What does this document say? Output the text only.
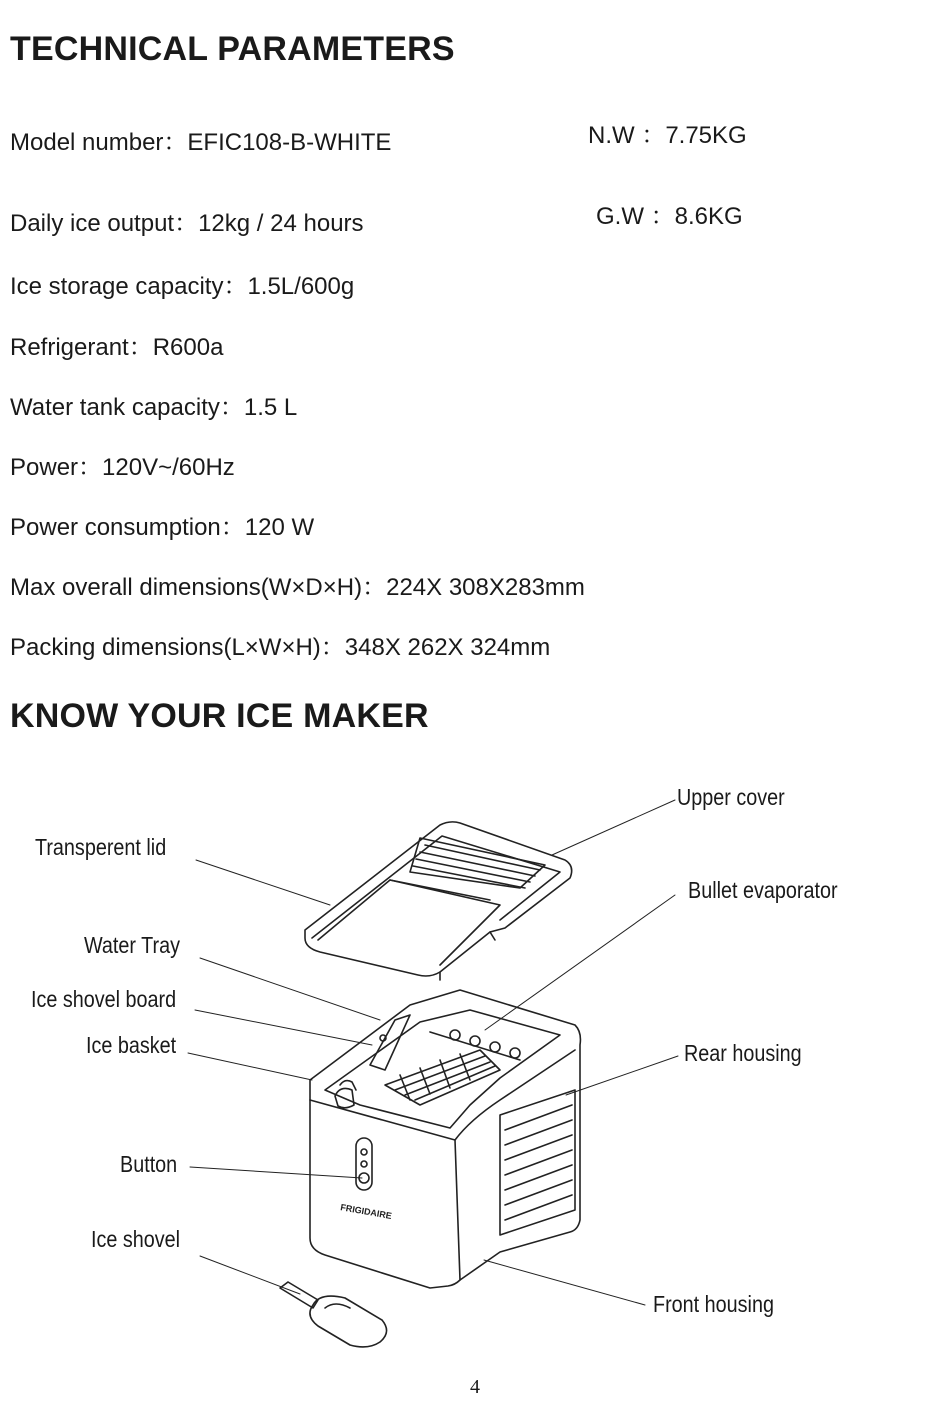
TECHNICAL PARAMETERS
Model number：EFIC108-B-WHITE
Daily ice output：12kg / 24 hours
Ice storage capacity：1.5L/600g
Refrigerant：R600a
Water tank capacity：1.5 L
Power：120V~/60Hz
Power consumption：120 W
Max overall dimensions(W×D×H)：224X 308X283mm
Packing dimensions(L×W×H)：348X 262X 324mm
N.W ：7.75KG
G.W ：8.6KG
KNOW YOUR ICE MAKER
FRIGIDAIRE
Upper cover
Transperent lid
Bullet evaporator
Water Tray
Ice shovel board
Ice basket	Rear housing
Button
Ice shovel
Front housing
4
